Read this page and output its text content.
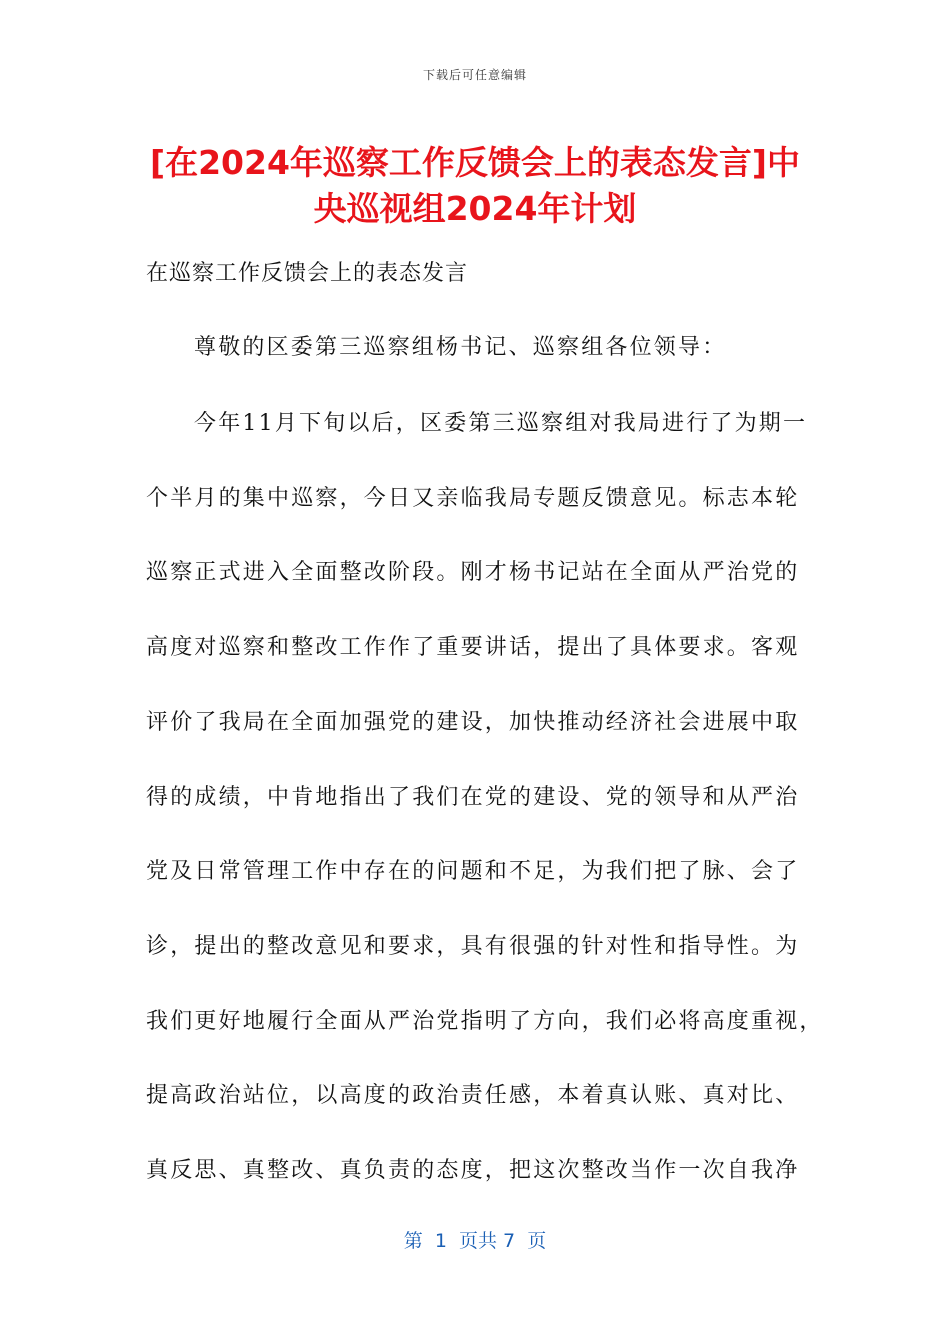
下载后可任意编辑
[在2024年巡察工作反馈会上的表态发言]中
央巡视组2024年计划

在巡察工作反馈会上的表态发言

尊敬的区委第三巡察组杨书记、巡察组各位领导：

今年11月下旬以后，区委第三巡察组对我局进行了为期一

个半月的集中巡察，今日又亲临我局专题反馈意见。标志本轮

巡察正式进入全面整改阶段。刚才杨书记站在全面从严治党的

高度对巡察和整改工作作了重要讲话，提出了具体要求。客观

评价了我局在全面加强党的建设，加快推动经济社会进展中取

得的成绩，中肯地指出了我们在党的建设、党的领导和从严治

党及日常管理工作中存在的问题和不足，为我们把了脉、会了

诊，提出的整改意见和要求，具有很强的针对性和指导性。为

我们更好地履行全面从严治党指明了方向，我们必将高度重视，

提高政治站位，以高度的政治责任感，本着真认账、真对比、

真反思、真整改、真负责的态度，把这次整改当作一次自我净

第  1  页共 7  页
